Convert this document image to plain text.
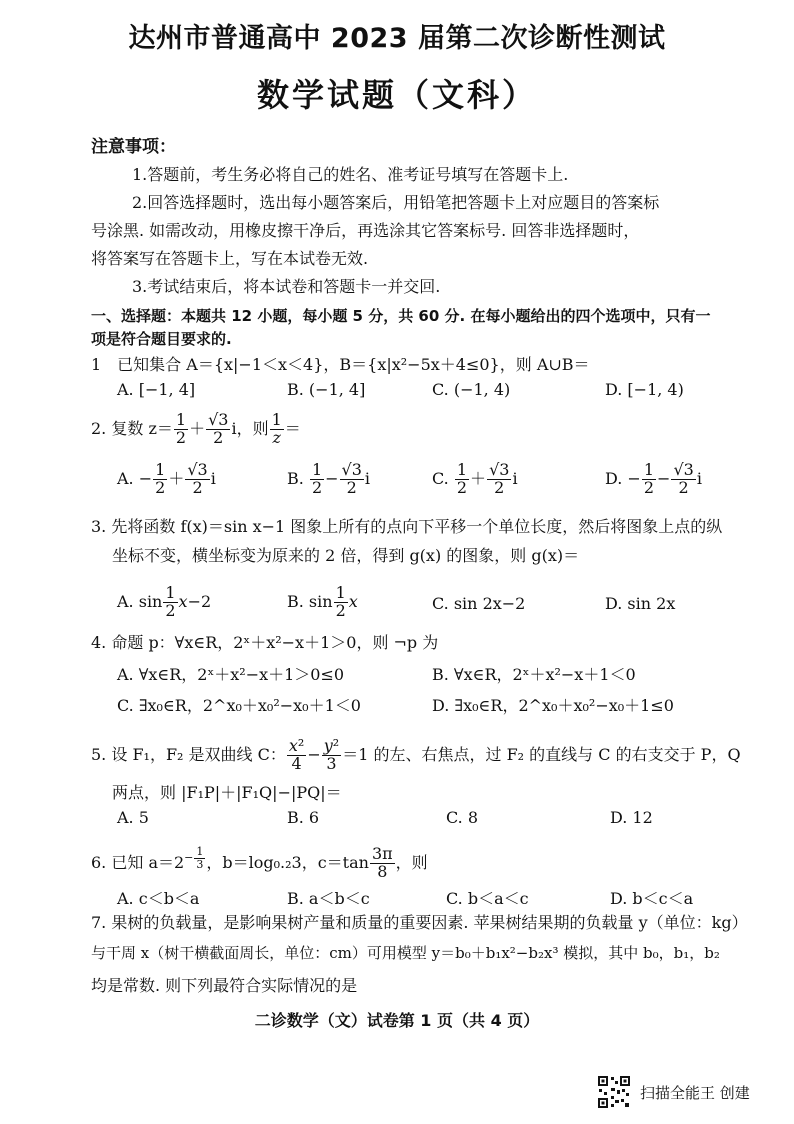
达州市普通高中 2023 届第二次诊断性测试
数学试题（文科）
注意事项：
1.答题前，考生务必将自己的姓名、准考证号填写在答题卡上.
2.回答选择题时，选出每小题答案后，用铅笔把答题卡上对应题目的答案标
号涂黑. 如需改动，用橡皮擦干净后，再选涂其它答案标号. 回答非选择题时，
将答案写在答题卡上，写在本试卷无效.
3.考试结束后，将本试卷和答题卡一并交回.
一、选择题：本题共 12 小题，每小题 5 分，共 60 分. 在每小题给出的四个选项中，只有一
项是符合题目要求的.
1　已知集合 A＝{x|−1＜x＜4}，B＝{x|x²−5x＋4≤0}，则 A∪B＝
A. [−1, 4]	B. (−1, 4]	C. (−1, 4)	D. [−1, 4)
2. 复数 $z= \frac{1}{2} + \frac{√3}{2}$ i，则 $\frac{1}{z}$ ＝
A. − $\frac{1}{2} + \frac{√3}{2}$ i	B. $\frac{1}{2} - \frac{√3}{2}$ i	C. $\frac{1}{2} + \frac{√3}{2}$ i	D. − $\frac{1}{2} - \frac{√3}{2}$ i
3. 先将函数 f(x)＝sin x−1 图象上所有的点向下平移一个单位长度，然后将图象上点的纵
坐标不变，横坐标变为原来的 2 倍，得到 g(x) 的图象，则 g(x)＝
A. $\sin \frac{1}{2} x-2$	B. $\sin \frac{1}{2}$ x	C. sin 2x−2	D. sin 2x
4. 命题 p：∀x∈R，2ˣ＋x²−x＋1＞0，则 ¬p 为
A. ∀x∈R，2ˣ＋x²−x＋1＞0≤0	B. ∀x∈R，2ˣ＋x²−x＋1＜0
C. ∃x₀∈R，2^x₀＋x₀²−x₀＋1＜0	D. ∃x₀∈R，2^x₀＋x₀²−x₀＋1≤0
5. 设 F₁，F₂ 是双曲线 C： $\frac{\text{x²}}{4} - \frac{\text{y²}}{3} =1$ 的左、右焦点，过 F₂ 的直线与 C 的右支交于 P，Q
两点，则 |F₁P|＋|F₁Q|−|PQ|＝
A. 5	B. 6	C. 8	D. 12
6. 已知 $a=2^{- \frac{1}{3}}$ ，b＝log₀.₂3，$c=\tan \frac{3\pi}{8}$ ，则
A. c＜b＜a	B. a＜b＜c	C. b＜a＜c	D. b＜c＜a
7. 果树的负载量，是影响果树产量和质量的重要因素. 苹果树结果期的负载量 y（单位：kg）
与干周 x（树干横截面周长，单位：cm）可用模型 y＝b₀＋b₁x²−b₂x³ 模拟，其中 b₀，b₁，b₂
均是常数. 则下列最符合实际情况的是
二诊数学（文）试卷第 1 页（共 4 页）
扫描全能王 创建
